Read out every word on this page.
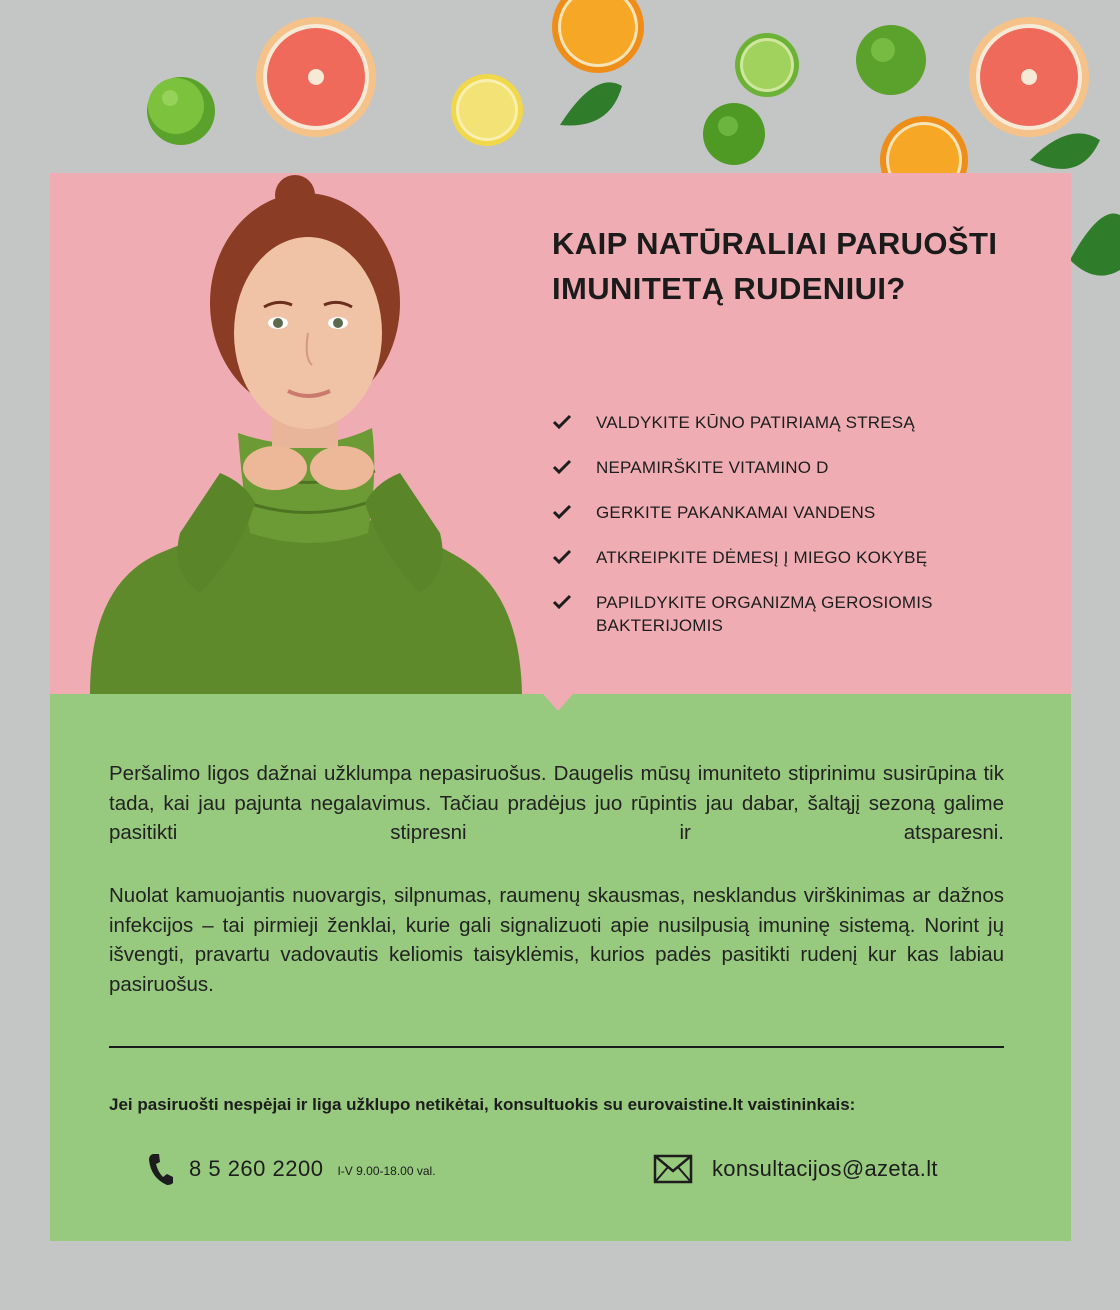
KAIP NATŪRALIAI PARUOŠTI IMUNITETĄ RUDENIUI?
VALDYKITE KŪNO PATIRIAMĄ STRESĄ
NEPAMIRŠKITE VITAMINO D
GERKITE PAKANKAMAI VANDENS
ATKREIPKITE DĖMESĮ Į MIEGO KOKYBĘ
PAPILDYKITE ORGANIZMĄ GEROSIOMIS BAKTERIJOMIS

Peršalimo ligos dažnai užklumpa nepasiruošus. Daugelis mūsų imuniteto stiprinimu susirūpina tik tada, kai jau pajunta negalavimus. Tačiau pradėjus juo rūpintis jau dabar, šaltąjį sezoną galime pasitikti stipresni ir atsparesni.

Nuolat kamuojantis nuovargis, silpnumas, raumenų skausmas, nesklandus virškinimas ar dažnos infekcijos – tai pirmieji ženklai, kurie gali signalizuoti apie nusilpusią imuninę sistemą. Norint jų išvengti, pravartu vadovautis keliomis taisyklėmis, kurios padės pasitikti rudenį kur kas labiau pasiruošus.

Jei pasiruošti nespėjai ir liga užklupo netikėtai, konsultuokis su eurovaistine.lt vaistininkais:

8 5 260 2200 I-V 9.00-18.00 val.	konsultacijos@azeta.lt
